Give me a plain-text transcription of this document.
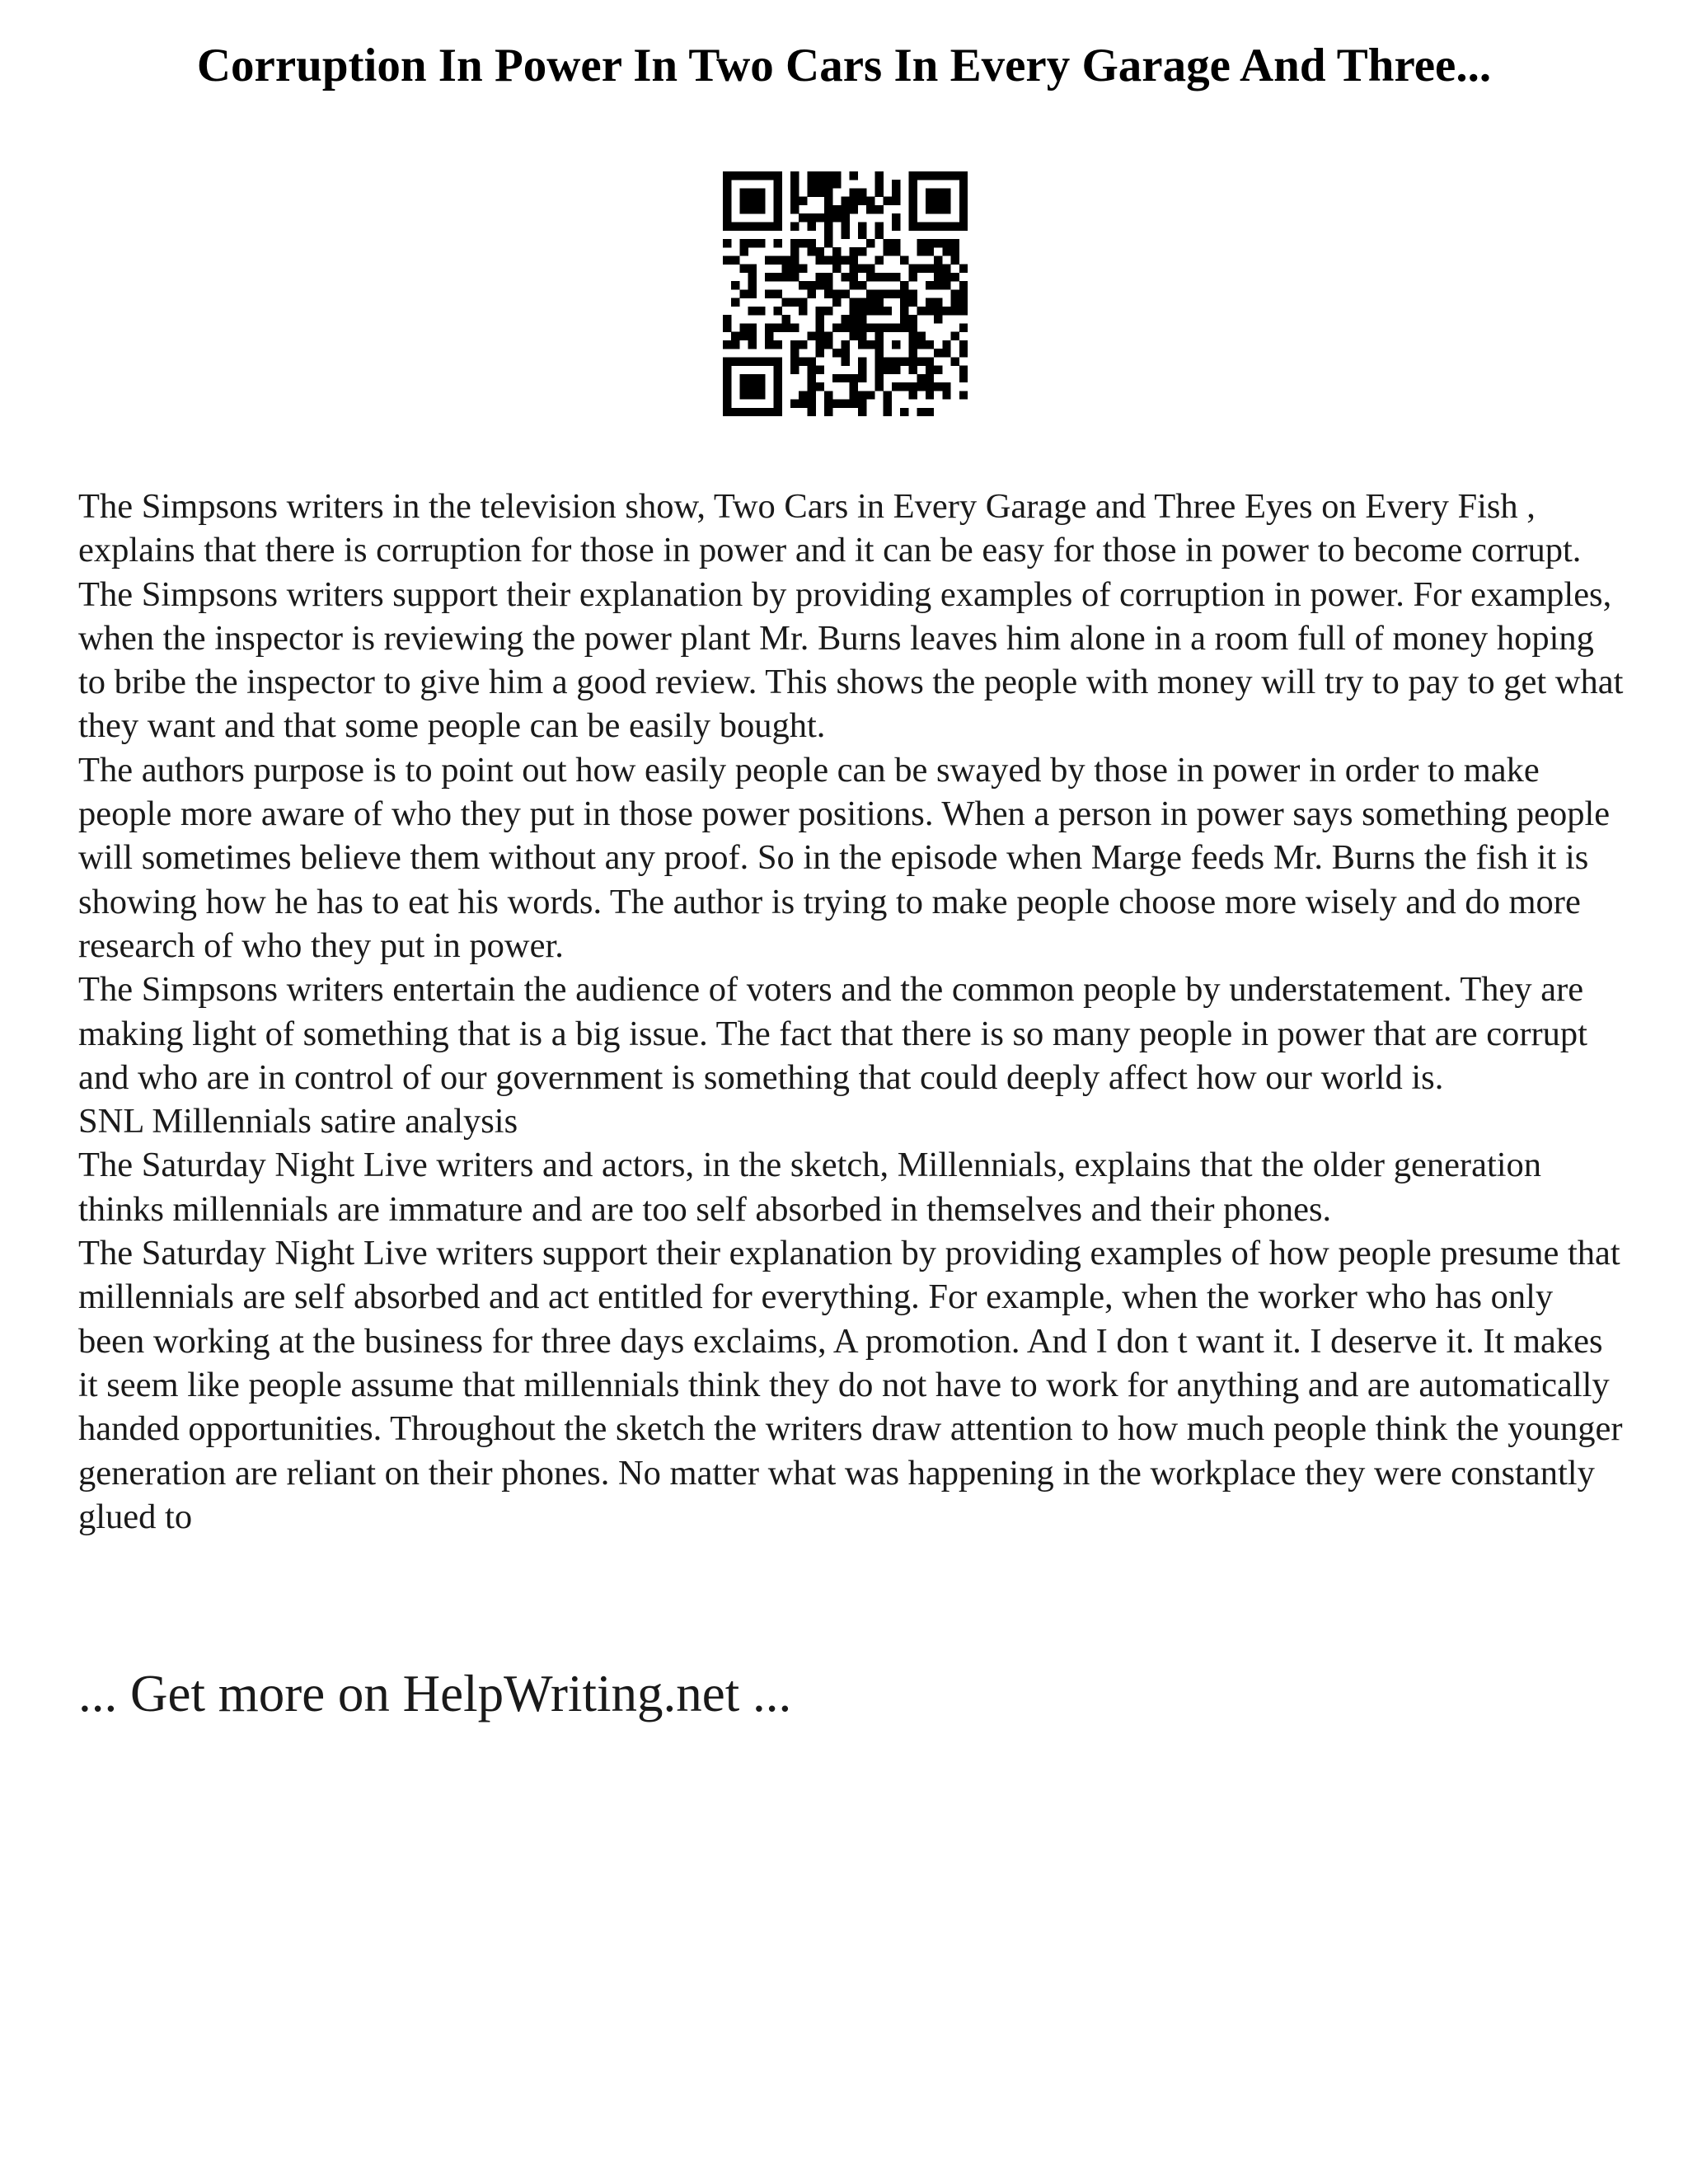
Corruption In Power In Two Cars In Every Garage And Three...

The Simpsons writers in the television show, Two Cars in Every Garage and Three Eyes on Every Fish , explains that there is corruption for those in power and it can be easy for those in power to become corrupt.

The Simpsons writers support their explanation by providing examples of corruption in power. For examples, when the inspector is reviewing the power plant Mr. Burns leaves him alone in a room full of money hoping to bribe the inspector to give him a good review. This shows the people with money will try to pay to get what they want and that some people can be easily bought.

The authors purpose is to point out how easily people can be swayed by those in power in order to make people more aware of who they put in those power positions. When a person in power says something people will sometimes believe them without any proof. So in the episode when Marge feeds Mr. Burns the fish it is showing how he has to eat his words. The author is trying to make people choose more wisely and do more research of who they put in power.

The Simpsons writers entertain the audience of voters and the common people by understatement. They are making light of something that is a big issue. The fact that there is so many people in power that are corrupt and who are in control of our government is something that could deeply affect how our world is.

SNL Millennials satire analysis

The Saturday Night Live writers and actors, in the sketch, Millennials, explains that the older generation thinks millennials are immature and are too self absorbed in themselves and their phones.

The Saturday Night Live writers support their explanation by providing examples of how people presume that millennials are self absorbed and act entitled for everything. For example, when the worker who has only been working at the business for three days exclaims, A promotion. And I don t want it. I deserve it. It makes it seem like people assume that millennials think they do not have to work for anything and are automatically handed opportunities. Throughout the sketch the writers draw attention to how much people think the younger generation are reliant on their phones. No matter what was happening in the workplace they were constantly glued to

... Get more on HelpWriting.net ...
